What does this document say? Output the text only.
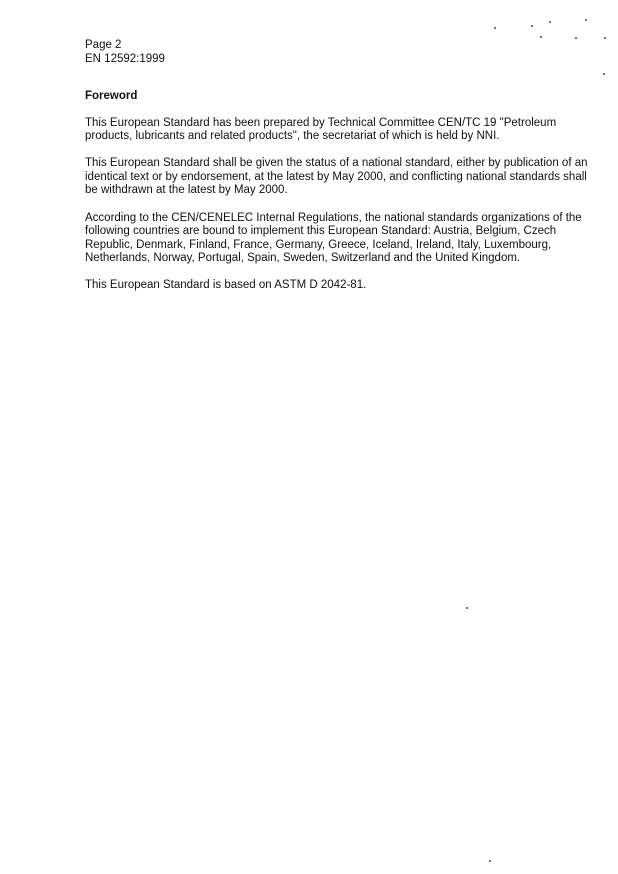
Page 2
EN 12592:1999
Foreword

This European Standard has been prepared by Technical Committee CEN/TC 19 "Petroleum products, lubricants and related products", the secretariat of which is held by NNI.

This European Standard shall be given the status of a national standard, either by publication of an identical text or by endorsement, at the latest by May 2000, and conflicting national standards shall be withdrawn at the latest by May 2000.

According to the CEN/CENELEC Internal Regulations, the national standards organizations of the following countries are bound to implement this European Standard: Austria, Belgium, Czech Republic, Denmark, Finland, France, Germany, Greece, Iceland, Ireland, Italy, Luxembourg, Netherlands, Norway, Portugal, Spain, Sweden, Switzerland and the United Kingdom.

This European Standard is based on ASTM D 2042-81.
